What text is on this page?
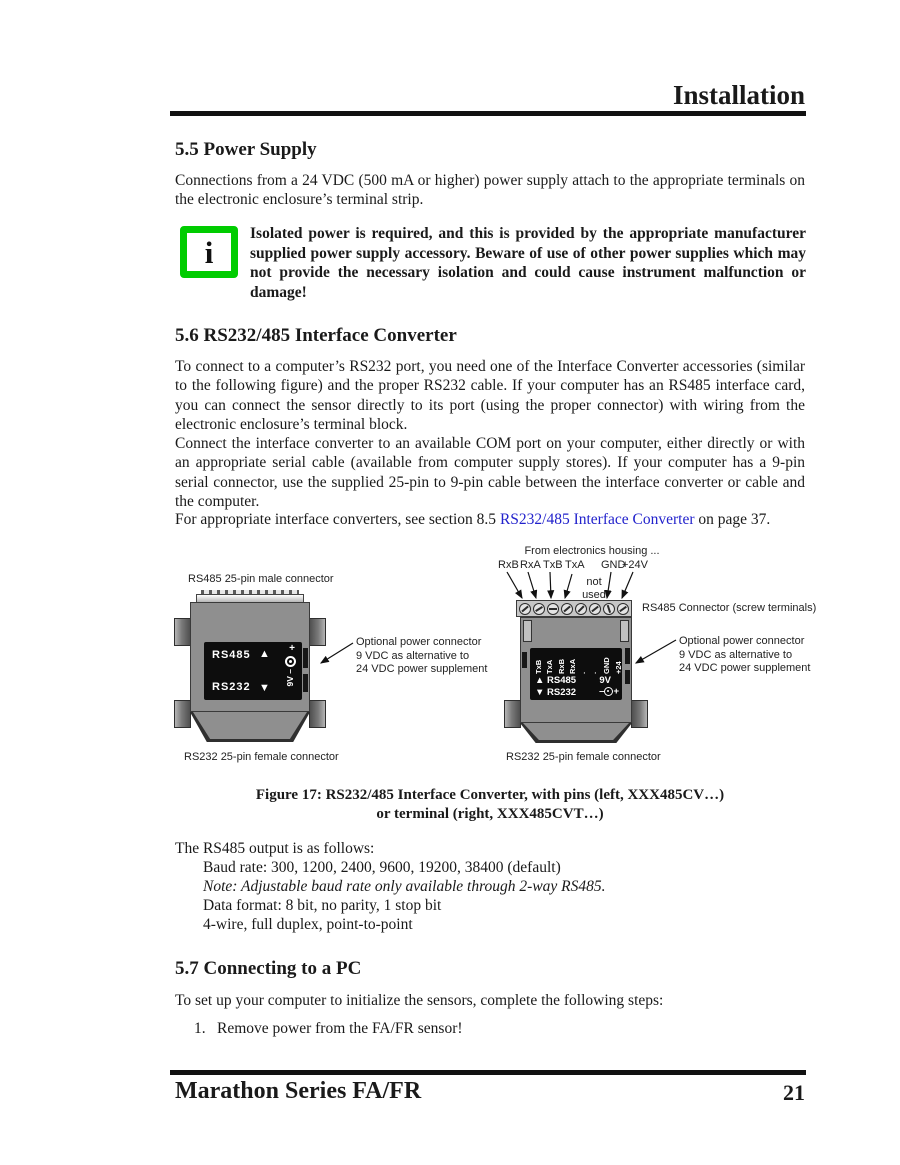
Installation
5.5 Power Supply
Connections from a 24 VDC (500 mA or higher) power supply attach to the appropriate terminals on the electronic enclosure’s terminal strip.
i
Isolated power is required, and this is provided by the appropriate manufacturer supplied power supply accessory. Beware of use of other power supplies which may not provide the necessary isolation and could cause instrument malfunction or damage!
5.6 RS232/485 Interface Converter
To connect to a computer’s RS232 port, you need one of the Interface Converter accessories (similar to the following figure) and the proper RS232 cable. If your computer has an RS485 interface card, you can connect the sensor directly to its port (using the proper connector) with wiring from the electronic enclosure’s terminal block.
Connect the interface converter to an available COM port on your computer, either directly or with an appropriate serial cable (available from computer supply stores). If your computer has a 9-pin serial connector, use the supplied 25-pin to 9-pin cable between the interface converter or cable and the computer.
For appropriate interface converters, see section 8.5 RS232/485 Interface Converter on page 37.
RS485 25-pin male connector
RS485 ▲
RS232 ▼
+
9V –
RS232 25-pin female connector
Optional power connector
9 VDC as alternative to
24 VDC power supplement
From electronics housing ...
RxB RxA TxB TxA GND
+24V
not used
RS485 Connector (screw terminals)
TxB TxA RxB RxA · · GND +24
▲ RS485 9V
▼ RS232 – +
RS232 25-pin female connector
Optional power connector
9 VDC as alternative to
24 VDC power supplement
Figure 17: RS232/485 Interface Converter, with pins (left, XXX485CV…)
or terminal (right, XXX485CVT…)
The RS485 output is as follows:
Baud rate: 300, 1200, 2400, 9600, 19200, 38400 (default)
Note: Adjustable baud rate only available through 2-way RS485.
Data format: 8 bit, no parity, 1 stop bit
4-wire, full duplex, point-to-point
5.7 Connecting to a PC
To set up your computer to initialize the sensors, complete the following steps:
1. Remove power from the FA/FR sensor!
Marathon Series FA/FR	21
